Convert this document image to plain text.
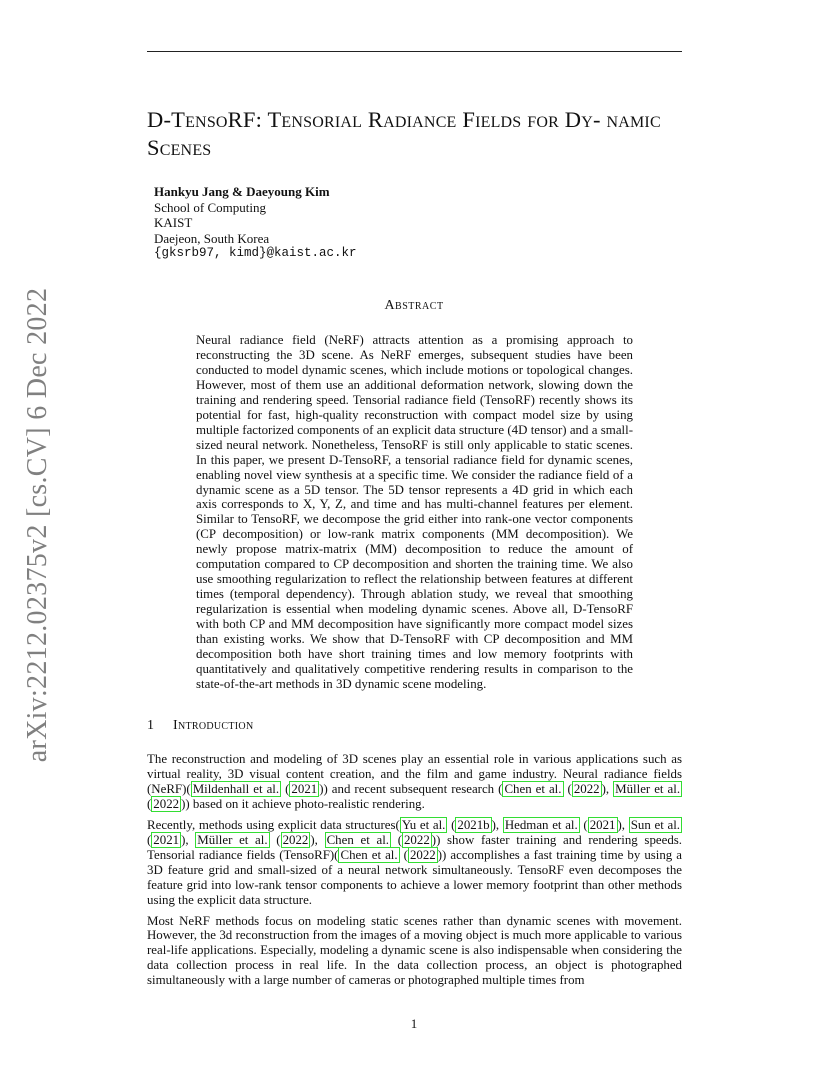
arXiv:2212.02375v2 [cs.CV] 6 Dec 2022
D-TensoRF: Tensorial Radiance Fields for Dy- namic Scenes
Hankyu Jang & Daeyoung Kim
School of Computing
KAIST
Daejeon, South Korea
{gksrb97, kimd}@kaist.ac.kr
Abstract
Neural radiance field (NeRF) attracts attention as a promising approach to reconstructing the 3D scene. As NeRF emerges, subsequent studies have been conducted to model dynamic scenes, which include motions or topological changes. However, most of them use an additional deformation network, slowing down the training and rendering speed. Tensorial radiance field (TensoRF) recently shows its potential for fast, high-quality reconstruction with compact model size by using multiple factorized components of an explicit data structure (4D tensor) and a small-sized neural network. Nonetheless, TensoRF is still only applicable to static scenes. In this paper, we present D-TensoRF, a tensorial radiance field for dynamic scenes, enabling novel view synthesis at a specific time. We consider the radiance field of a dynamic scene as a 5D tensor. The 5D tensor represents a 4D grid in which each axis corresponds to X, Y, Z, and time and has multi-channel features per element. Similar to TensoRF, we decompose the grid either into rank-one vector components (CP decomposition) or low-rank matrix components (MM decomposition). We newly propose matrix-matrix (MM) decomposition to reduce the amount of computation compared to CP decomposition and shorten the training time. We also use smoothing regularization to reflect the relationship between features at different times (temporal dependency). Through ablation study, we reveal that smoothing regularization is essential when modeling dynamic scenes. Above all, D-TensoRF with both CP and MM decomposition have significantly more compact model sizes than existing works. We show that D-TensoRF with CP decomposition and MM decomposition both have short training times and low memory footprints with quantitatively and qualitatively competitive rendering results in comparison to the state-of-the-art methods in 3D dynamic scene modeling.
1 Introduction

The reconstruction and modeling of 3D scenes play an essential role in various applications such as virtual reality, 3D visual content creation, and the film and game industry. Neural radiance fields (NeRF)( Mildenhall et al. ( 2021 )) and recent subsequent research ( Chen et al. ( 2022 ), Müller et al. ( 2022 )) based on it achieve photo-realistic rendering.

Recently, methods using explicit data structures( Yu et al. ( 2021b ), Hedman et al. ( 2021 ), Sun et al. ( 2021 ), Müller et al. ( 2022 ), Chen et al. ( 2022 )) show faster training and rendering speeds. Tensorial radiance fields (TensoRF)( Chen et al. ( 2022 )) accomplishes a fast training time by using a 3D feature grid and small-sized of a neural network simultaneously. TensoRF even decomposes the feature grid into low-rank tensor components to achieve a lower memory footprint than other methods using the explicit data structure.

Most NeRF methods focus on modeling static scenes rather than dynamic scenes with movement. However, the 3d reconstruction from the images of a moving object is much more applicable to various real-life applications. Especially, modeling a dynamic scene is also indispensable when considering the data collection process in real life. In the data collection process, an object is photographed simultaneously with a large number of cameras or photographed multiple times from

1
